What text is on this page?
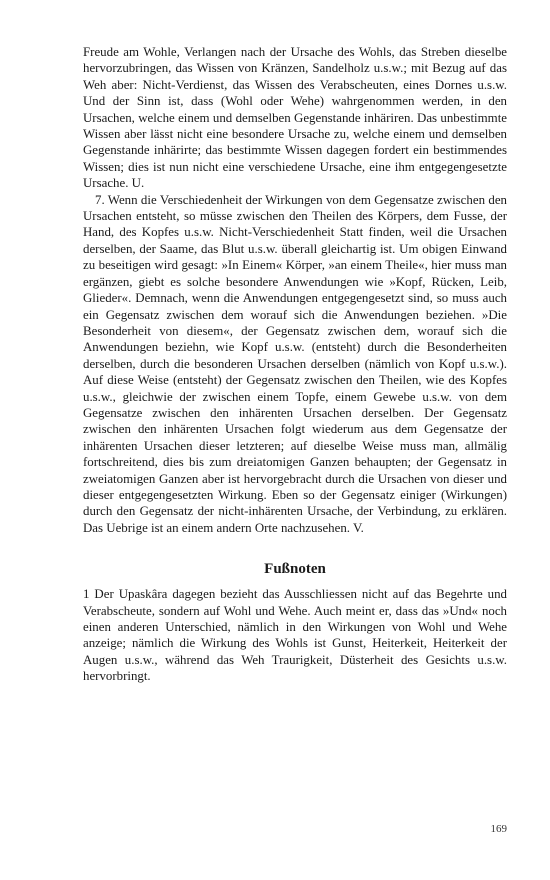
Freude am Wohle, Verlangen nach der Ursache des Wohls, das Streben dieselbe hervorzubringen, das Wissen von Kränzen, Sandelholz u.s.w.; mit Bezug auf das Weh aber: Nicht-Verdienst, das Wissen des Verabscheuten, eines Dornes u.s.w. Und der Sinn ist, dass (Wohl oder Wehe) wahrgenommen werden, in den Ursachen, welche einem und demselben Gegenstande inhäriren. Das unbestimmte Wissen aber lässt nicht eine besondere Ursache zu, welche einem und demselben Gegenstande inhärirte; das bestimmte Wissen dagegen fordert ein bestimmendes Wissen; dies ist nun nicht eine verschiedene Ursache, eine ihm entgegengesetzte Ursache. U.

7. Wenn die Verschiedenheit der Wirkungen von dem Gegensatze zwischen den Ursachen entsteht, so müsse zwischen den Theilen des Körpers, dem Fusse, der Hand, des Kopfes u.s.w. Nicht-Verschiedenheit Statt finden, weil die Ursachen derselben, der Saame, das Blut u.s.w. überall gleichartig ist. Um obigen Einwand zu beseitigen wird gesagt: »In Einem« Körper, »an einem Theile«, hier muss man ergänzen, giebt es solche besondere Anwendungen wie »Kopf, Rücken, Leib, Glieder«. Demnach, wenn die Anwendungen entgegengesetzt sind, so muss auch ein Gegensatz zwischen dem worauf sich die Anwendungen beziehen. »Die Besonderheit von diesem«, der Gegensatz zwischen dem, worauf sich die Anwendungen beziehn, wie Kopf u.s.w. (entsteht) durch die Besonderheiten derselben, durch die besonderen Ursachen derselben (nämlich von Kopf u.s.w.). Auf diese Weise (entsteht) der Gegensatz zwischen den Theilen, wie des Kopfes u.s.w., gleichwie der zwischen einem Topfe, einem Gewebe u.s.w. von dem Gegensatze zwischen den inhärenten Ursachen derselben. Der Gegensatz zwischen den inhärenten Ursachen folgt wiederum aus dem Gegensatze der inhärenten Ursachen dieser letzteren; auf dieselbe Weise muss man, allmälig fortschreitend, dies bis zum dreiatomigen Ganzen behaupten; der Gegensatz in zweiatomigen Ganzen aber ist hervorgebracht durch die Ursachen von dieser und dieser entgegengesetzten Wirkung. Eben so der Gegensatz einiger (Wirkungen) durch den Gegensatz der nicht-inhärenten Ursache, der Verbindung, zu erklären. Das Uebrige ist an einem andern Orte nachzusehen. V.

Fußnoten

1 Der Upaskâra dagegen bezieht das Ausschliessen nicht auf das Begehrte und Verabscheute, sondern auf Wohl und Wehe. Auch meint er, dass das »Und« noch einen anderen Unterschied, nämlich in den Wirkungen von Wohl und Wehe anzeige; nämlich die Wirkung des Wohls ist Gunst, Heiterkeit, Heiterkeit der Augen u.s.w., während das Weh Traurigkeit, Düsterheit des Gesichts u.s.w. hervorbringt.

169
